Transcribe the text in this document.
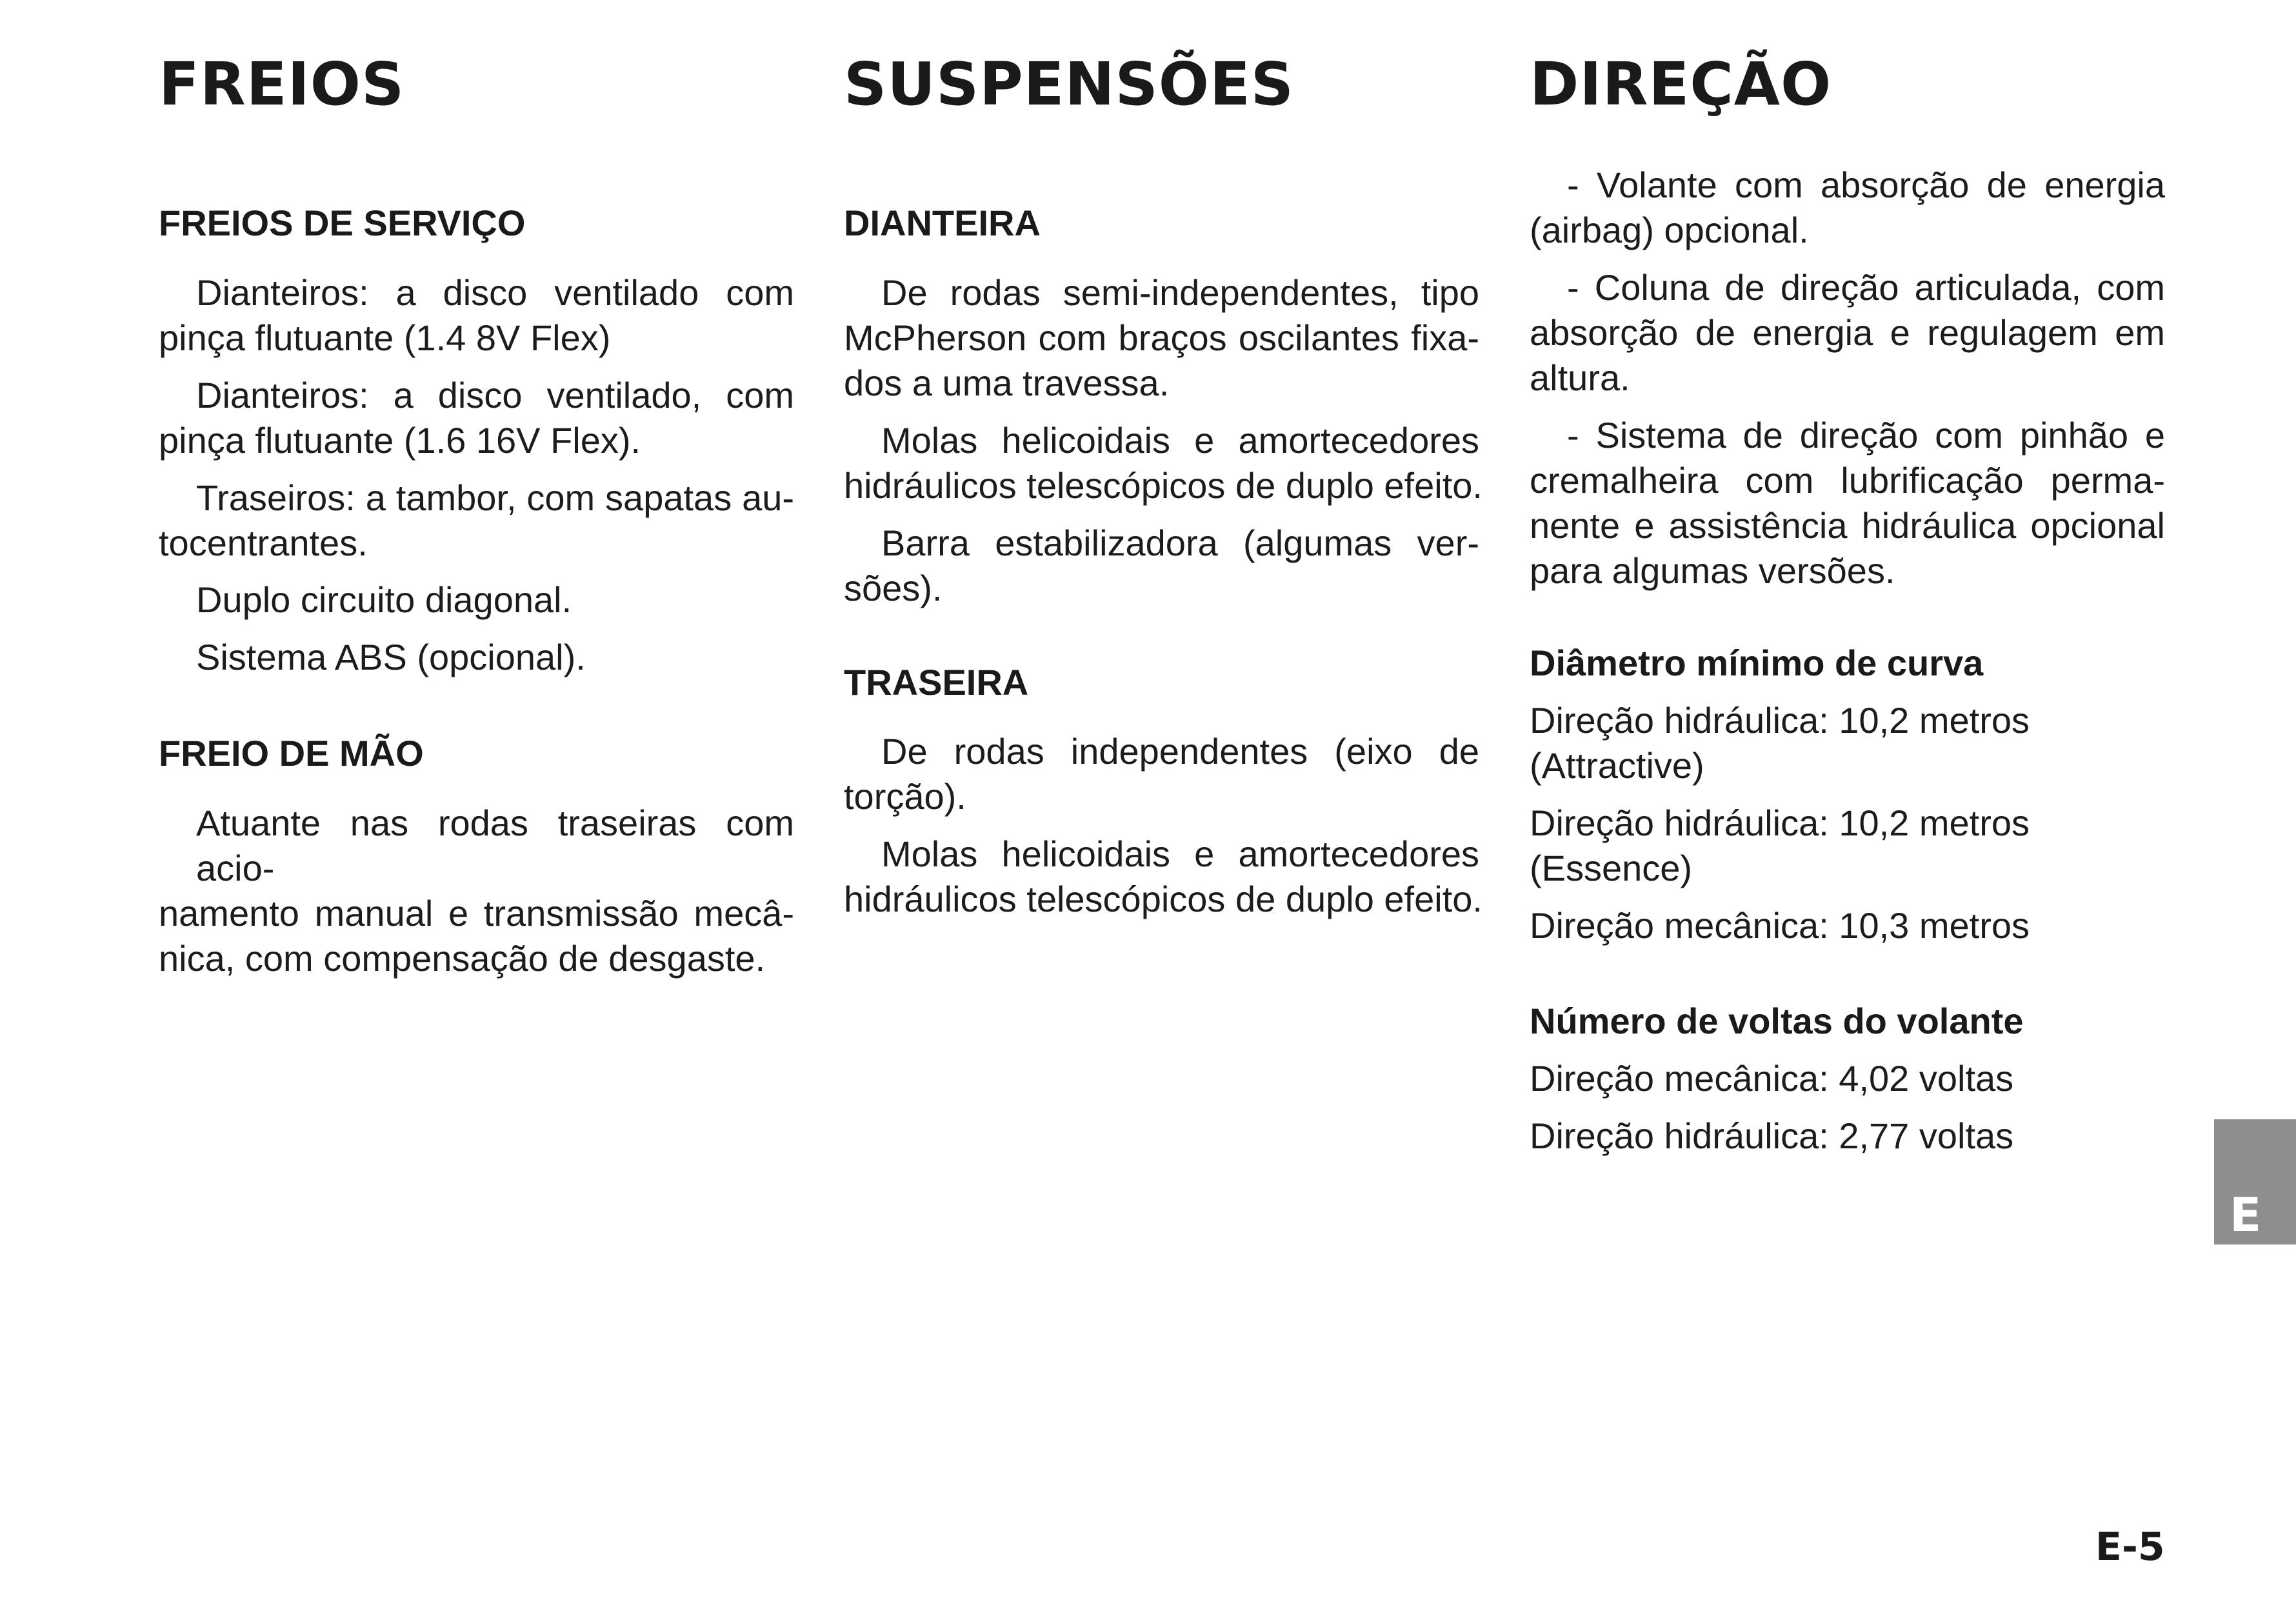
FREIOS
FREIOS DE SERVIÇO

Dianteiros: a disco ventilado com
pinça flutuante (1.4 8V Flex)

Dianteiros: a disco ventilado, com
pinça flutuante (1.6 16V Flex).

Traseiros: a tambor, com sapatas au-
tocentrantes.

Duplo circuito diagonal.

Sistema ABS (opcional).

FREIO DE MÃO

Atuante nas rodas traseiras com acio-
namento manual e transmissão mecâ-
nica, com compensação de desgaste.

SUSPENSÕES
DIANTEIRA

De rodas semi-independentes, tipo
McPherson com braços oscilantes fixa-
dos a uma travessa.

Molas helicoidais e amortecedores
hidráulicos telescópicos de duplo efeito.

Barra estabilizadora (algumas ver-
sões).

TRASEIRA

De rodas independentes (eixo de
torção).

Molas helicoidais e amortecedores
hidráulicos telescópicos de duplo efeito.

DIREÇÃO

- Volante com absorção de energia
(airbag) opcional.

- Coluna de direção articulada, com
absorção de energia e regulagem em
altura.

- Sistema de direção com pinhão e
cremalheira com lubrificação perma-
nente e assistência hidráulica opcional
para algumas versões.

Diâmetro mínimo de curva

Direção hidráulica: 10,2 metros
(Attractive)

Direção hidráulica: 10,2 metros
(Essence)

Direção mecânica: 10,3 metros

Número de voltas do volante

Direção mecânica: 4,02 voltas

Direção hidráulica: 2,77 voltas

E
E-5
